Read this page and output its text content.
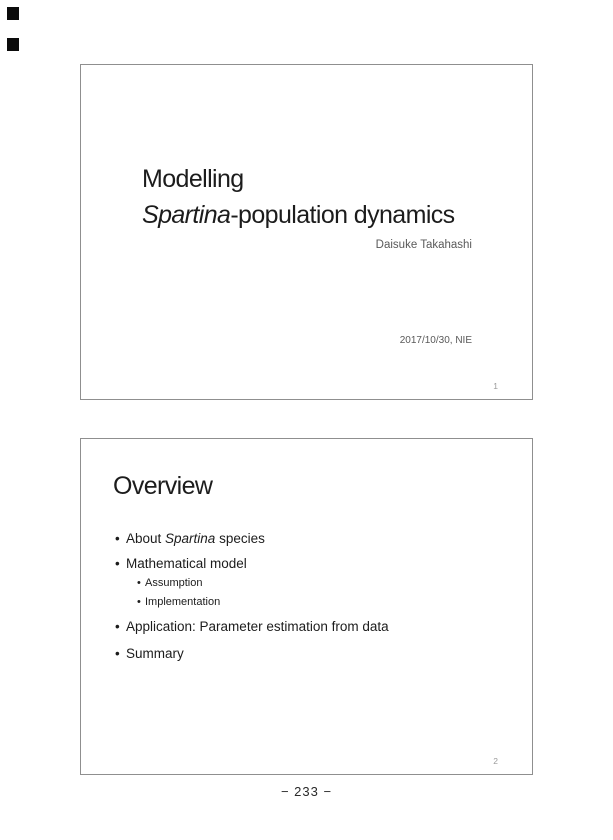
Modelling
Spartina-population dynamics
Daisuke Takahashi
2017/10/30, NIE
1
Overview
• About Spartina species
• Mathematical model
• Assumption
• Implementation
• Application: Parameter estimation from data
• Summary
2
− 233 −
